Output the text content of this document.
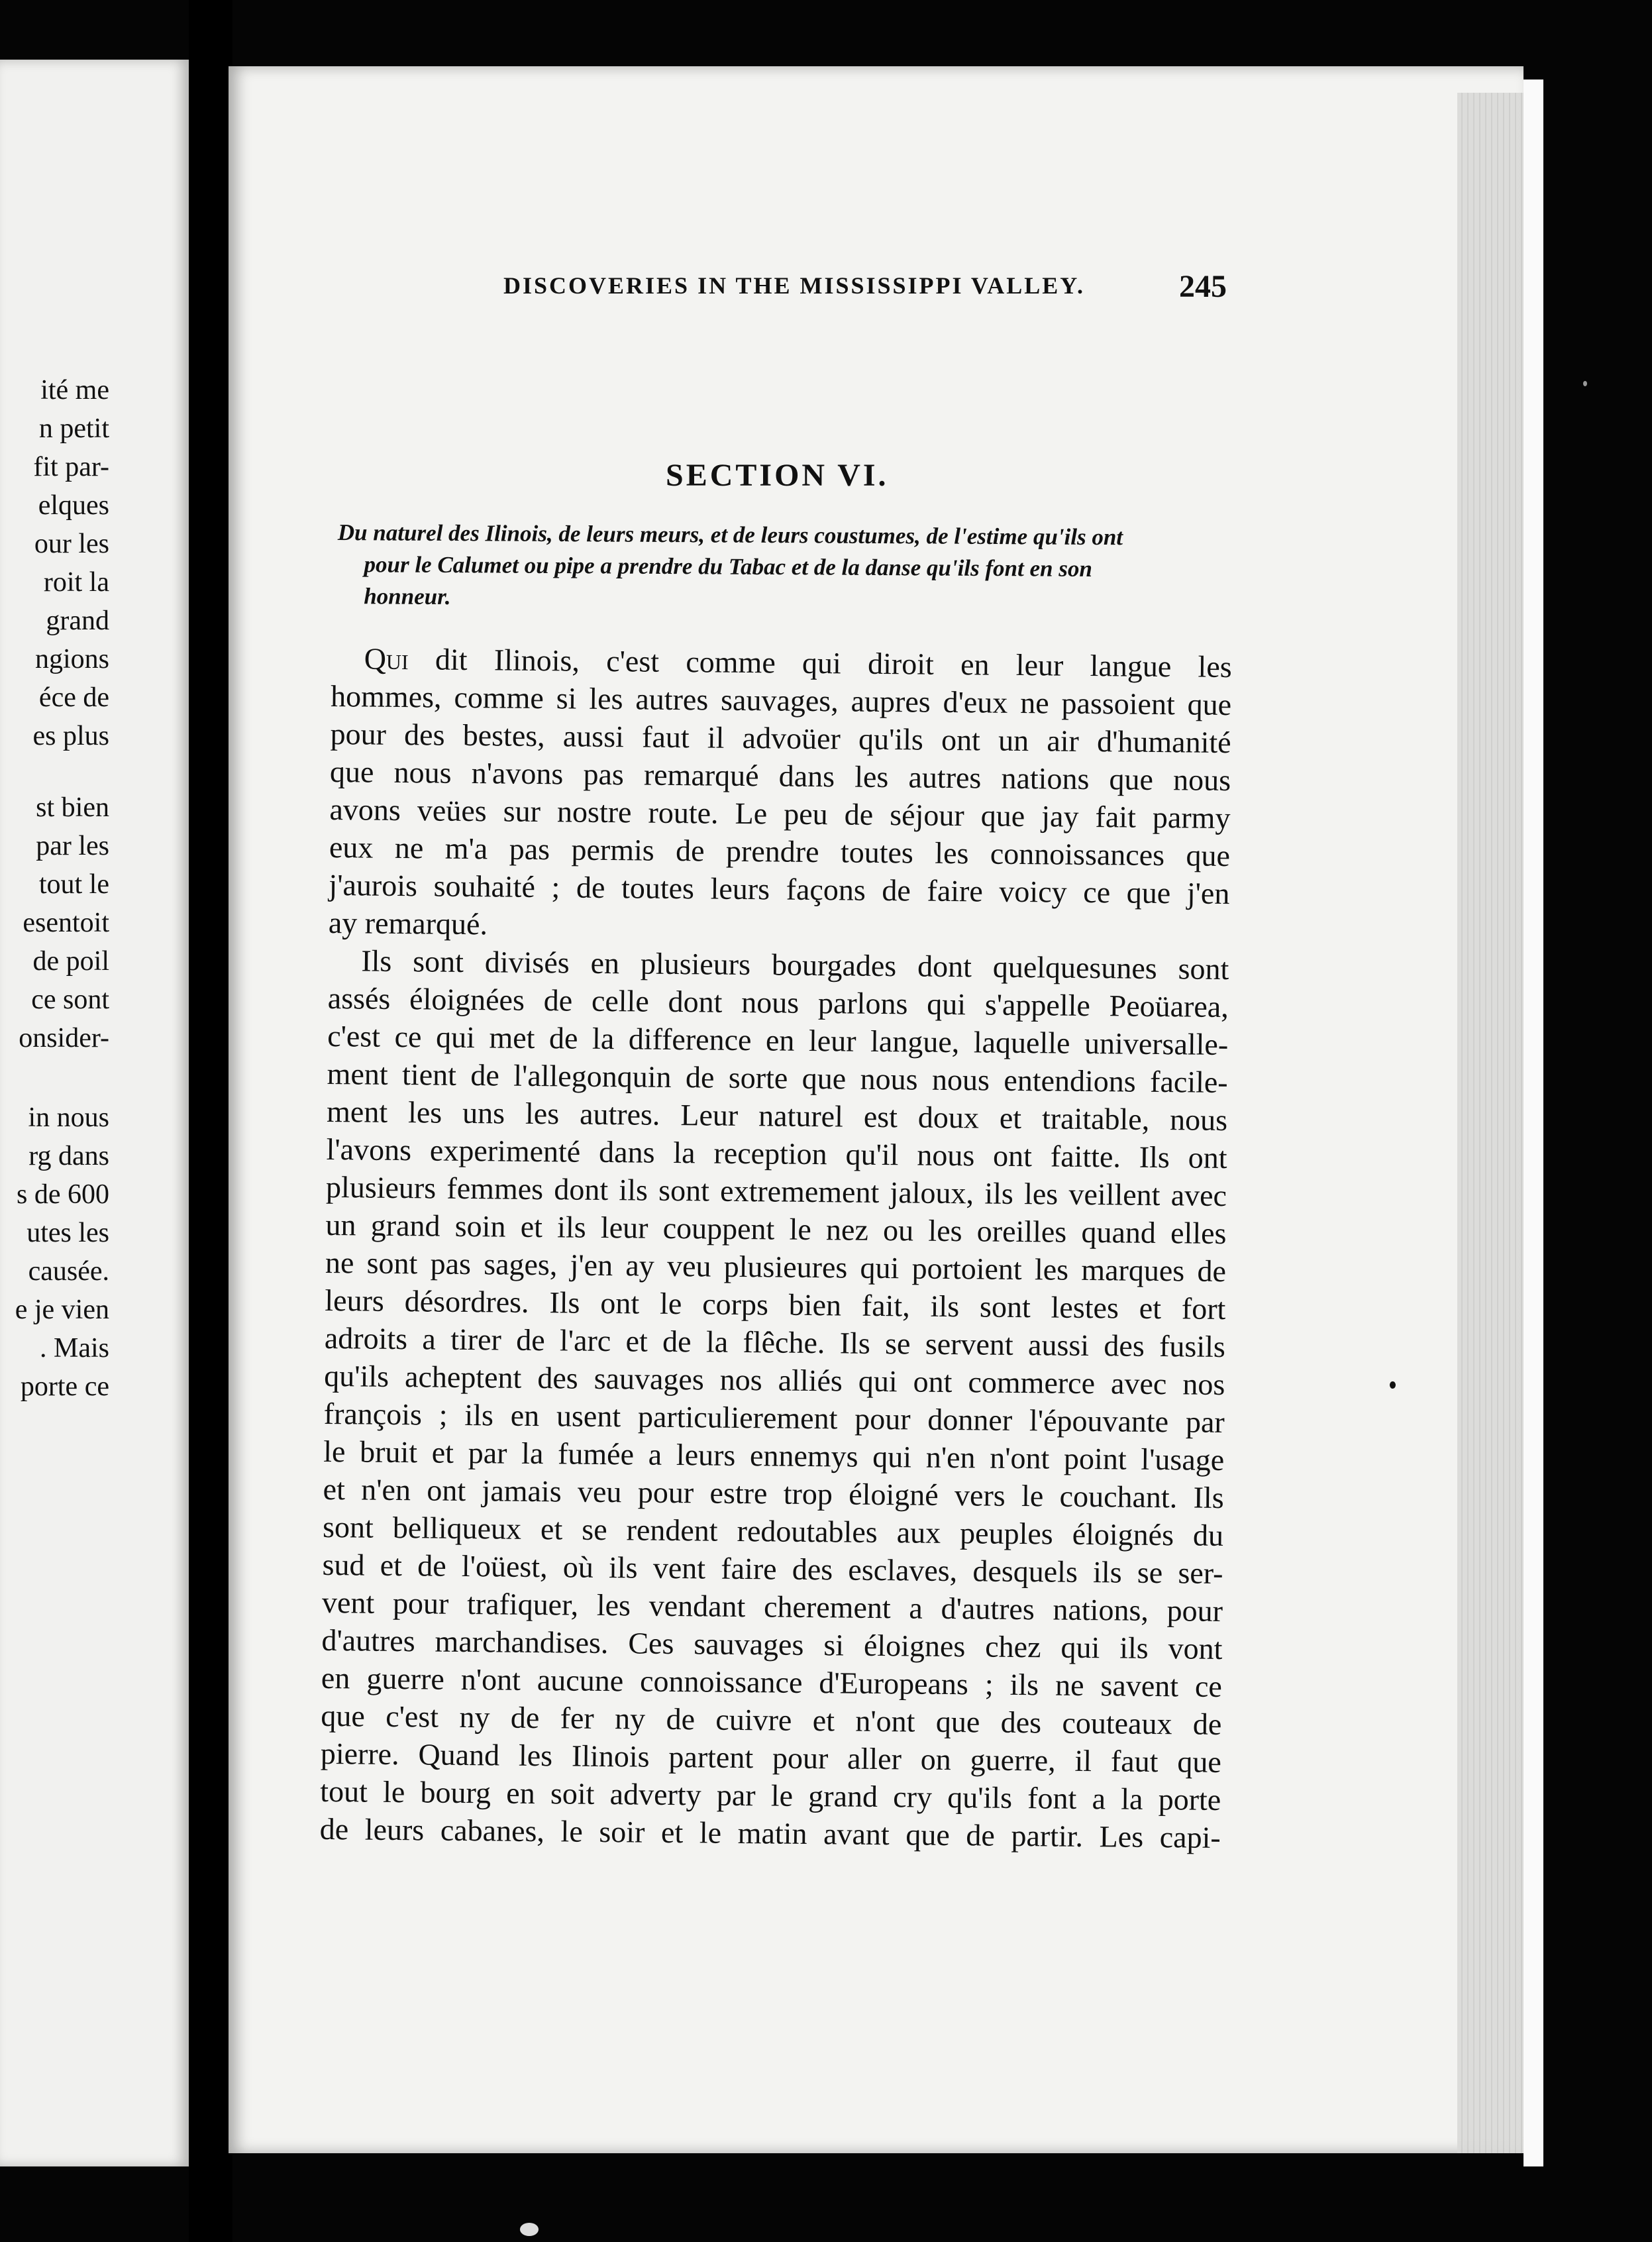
ité me
n petit
fit par-
elques
our les
roit la
grand
ngions
éce de
es plus
st bien
par les
tout le
esentoit
de poil
ce sont
onsider-
in nous
rg dans
s de 600
utes les
causée.
e je vien
. Mais
porte ce
DISCOVERIES IN THE MISSISSIPPI VALLEY.	245
SECTION VI.
Du naturel des Ilinois, de leurs meurs, et de leurs coustumes, de l'estime qu'ils ont
pour le Calumet ou pipe a prendre du Tabac et de la danse qu'ils font en son
honneur.
Qui dit Ilinois, c'est comme qui diroit en leur langue les
hommes, comme si les autres sauvages, aupres d'eux ne passoient que
pour des bestes, aussi faut il advoüer qu'ils ont un air d'humanité
que nous n'avons pas remarqué dans les autres nations que nous
avons veües sur nostre route. Le peu de séjour que jay fait parmy
eux ne m'a pas permis de prendre toutes les connoissances que
j'aurois souhaité ; de toutes leurs façons de faire voicy ce que j'en
ay remarqué.
Ils sont divisés en plusieurs bourgades dont quelquesunes sont
assés éloignées de celle dont nous parlons qui s'appelle Peoüarea,
c'est ce qui met de la difference en leur langue, laquelle universalle-
ment tient de l'allegonquin de sorte que nous nous entendions facile-
ment les uns les autres. Leur naturel est doux et traitable, nous
l'avons experimenté dans la reception qu'il nous ont faitte. Ils ont
plusieurs femmes dont ils sont extremement jaloux, ils les veillent avec
un grand soin et ils leur couppent le nez ou les oreilles quand elles
ne sont pas sages, j'en ay veu plusieures qui portoient les marques de
leurs désordres. Ils ont le corps bien fait, ils sont lestes et fort
adroits a tirer de l'arc et de la flêche. Ils se servent aussi des fusils
qu'ils acheptent des sauvages nos alliés qui ont commerce avec nos
françois ; ils en usent particulierement pour donner l'épouvante par
le bruit et par la fumée a leurs ennemys qui n'en n'ont point l'usage
et n'en ont jamais veu pour estre trop éloigné vers le couchant. Ils
sont belliqueux et se rendent redoutables aux peuples éloignés du
sud et de l'oüest, où ils vent faire des esclaves, desquels ils se ser-
vent pour trafiquer, les vendant cherement a d'autres nations, pour
d'autres marchandises. Ces sauvages si éloignes chez qui ils vont
en guerre n'ont aucune connoissance d'Europeans ; ils ne savent ce
que c'est ny de fer ny de cuivre et n'ont que des couteaux de
pierre. Quand les Ilinois partent pour aller on guerre, il faut que
tout le bourg en soit adverty par le grand cry qu'ils font a la porte
de leurs cabanes, le soir et le matin avant que de partir. Les capi-
